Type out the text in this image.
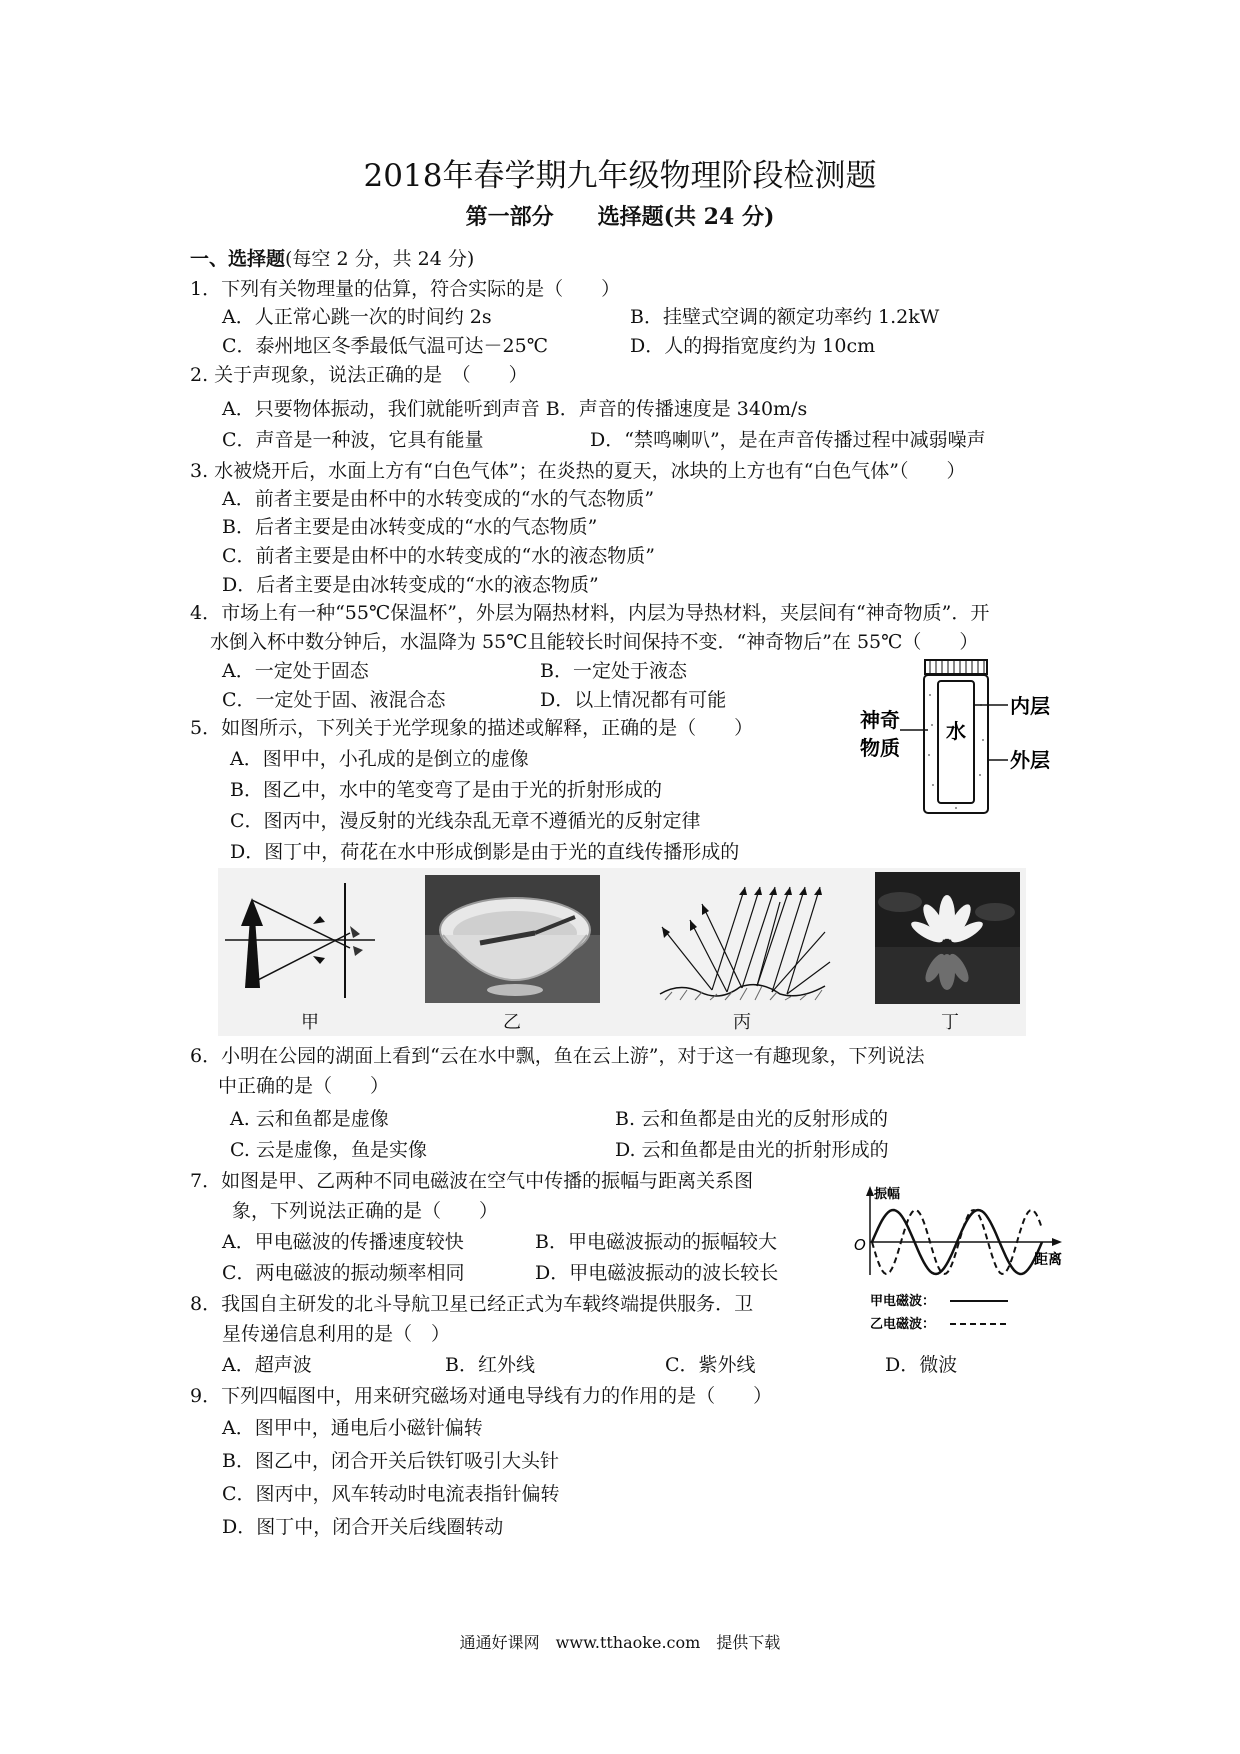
2018年春学期九年级物理阶段检测题
第一部分　　选择题(共 24 分)
一、选择题(每空 2 分，共 24 分)
1．下列有关物理量的估算，符合实际的是（　　）
A．人正常心跳一次的时间约 2s	B．挂壁式空调的额定功率约 1.2kW
C．泰州地区冬季最低气温可达－25℃	D．人的拇指宽度约为 10cm
2. 关于声现象，说法正确的是　（　　）
A．只要物体振动，我们就能听到声音 B．声音的传播速度是 340m/s
C．声音是一种波，它具有能量	D．“禁鸣喇叭”，是在声音传播过程中减弱噪声
3. 水被烧开后，水面上方有“白色气体”；在炎热的夏天，冰块的上方也有“白色气体”（　　）
A．前者主要是由杯中的水转变成的“水的气态物质”
B．后者主要是由冰转变成的“水的气态物质”
C．前者主要是由杯中的水转变成的“水的液态物质”
D．后者主要是由冰转变成的“水的液态物质”
4．市场上有一种“55℃保温杯”，外层为隔热材料，内层为导热材料，夹层间有“神奇物质”．开
水倒入杯中数分钟后，水温降为 55℃且能较长时间保持不变．“神奇物后”在 55℃（　　）
A．一定处于固态	B．一定处于液态
C．一定处于固、液混合态	D．以上情况都有可能
水
内层
外层
神奇
物质
5．如图所示，下列关于光学现象的描述或解释，正确的是（　　）
A．图甲中，小孔成的是倒立的虚像
B．图乙中，水中的笔变弯了是由于光的折射形成的
C．图丙中，漫反射的光线杂乱无章不遵循光的反射定律
D．图丁中，荷花在水中形成倒影是由于光的直线传播形成的
甲	乙	丙	丁
6．小明在公园的湖面上看到“云在水中飘，鱼在云上游”，对于这一有趣现象，下列说法
中正确的是（　　）
A. 云和鱼都是虚像	B. 云和鱼都是由光的反射形成的
C. 云是虚像，鱼是实像	D. 云和鱼都是由光的折射形成的
7．如图是甲、乙两种不同电磁波在空气中传播的振幅与距离关系图
象，下列说法正确的是（　　）
A．甲电磁波的传播速度较快	B．甲电磁波振动的振幅较大
C．两电磁波的振动频率相同	D．甲电磁波振动的波长较长
振幅
距离
O
甲电磁波：
乙电磁波：
8．我国自主研发的北斗导航卫星已经正式为车载终端提供服务．卫
星传递信息利用的是（　）
A．超声波	B．红外线	C．紫外线	D．微波
9．下列四幅图中，用来研究磁场对通电导线有力的作用的是（　　）
A．图甲中，通电后小磁针偏转
B．图乙中，闭合开关后铁钉吸引大头针
C．图丙中，风车转动时电流表指针偏转
D．图丁中，闭合开关后线圈转动
通通好课网　www.tthaoke.com　提供下载
